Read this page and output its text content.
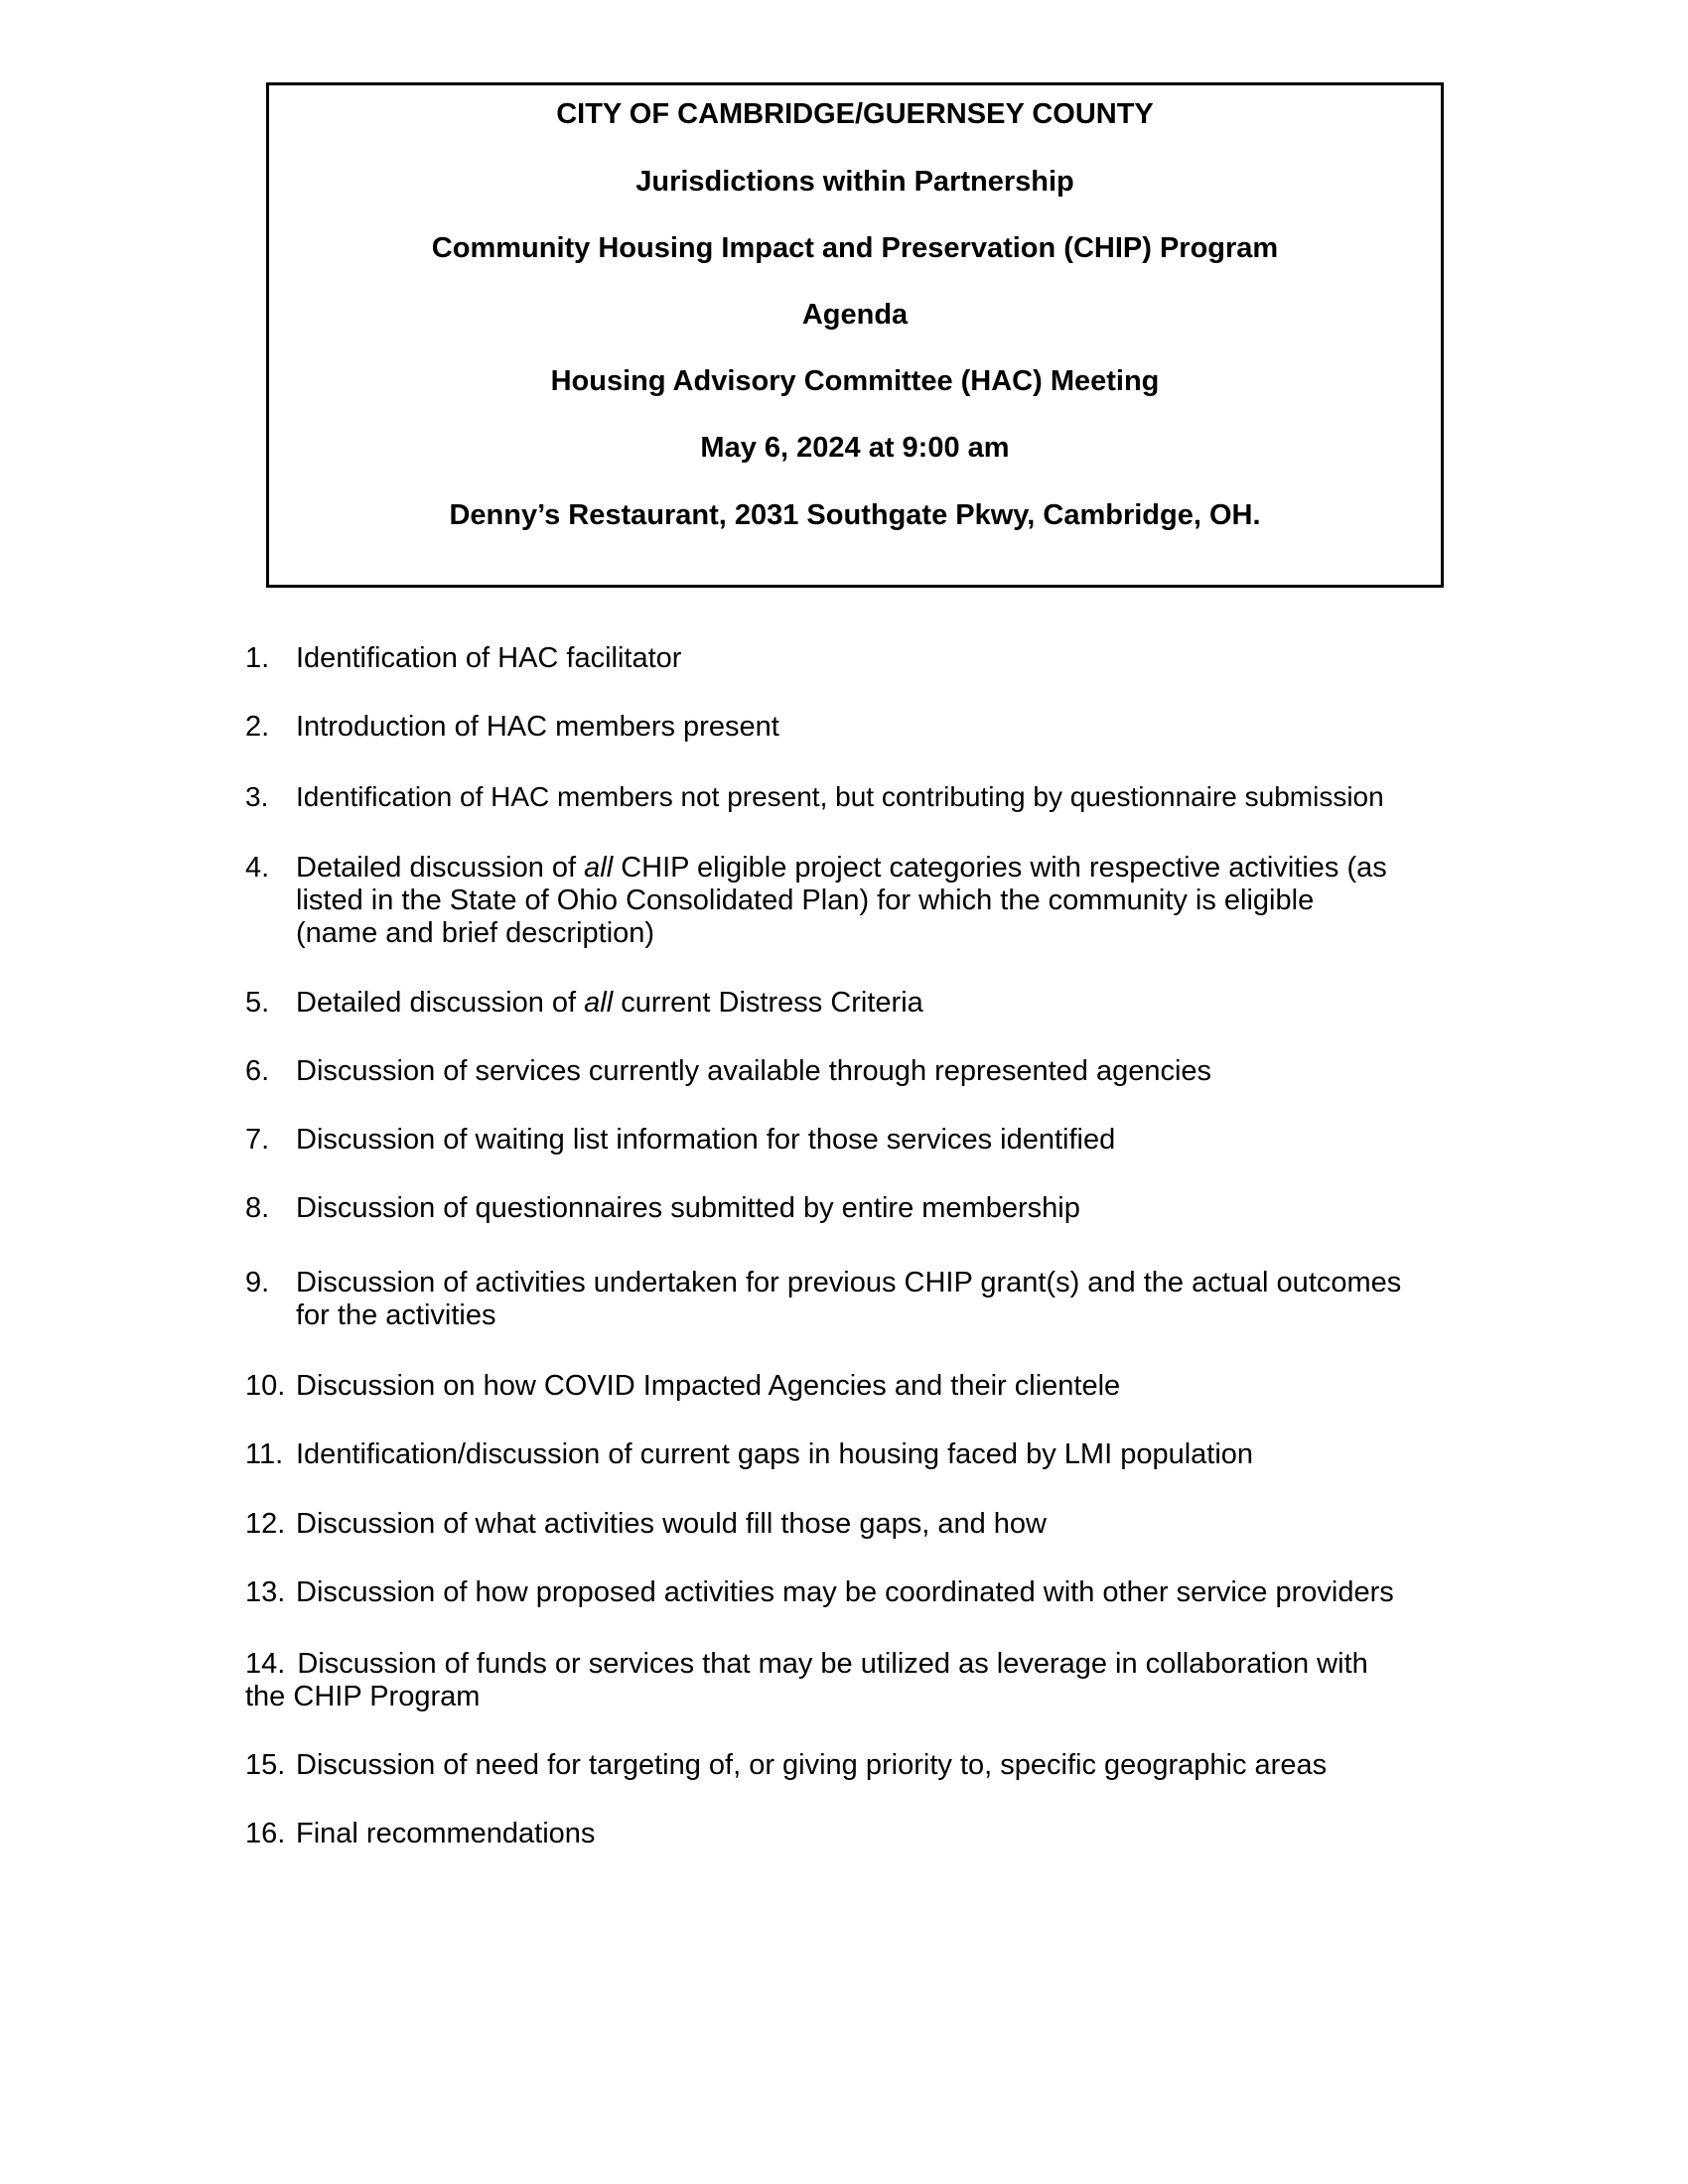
CITY OF CAMBRIDGE/GUERNSEY COUNTY
Jurisdictions within Partnership
Community Housing Impact and Preservation (CHIP) Program
Agenda
Housing Advisory Committee (HAC) Meeting
May 6, 2024 at 9:00 am
Denny’s Restaurant, 2031 Southgate Pkwy, Cambridge, OH.
1. Identification of HAC facilitator
2. Introduction of HAC members present
3. Identification of HAC members not present, but contributing by questionnaire submission
4. Detailed discussion of all CHIP eligible project categories with respective activities (as
listed in the State of Ohio Consolidated Plan) for which the community is eligible
(name and brief description)
5. Detailed discussion of all current Distress Criteria
6. Discussion of services currently available through represented agencies
7. Discussion of waiting list information for those services identified
8. Discussion of questionnaires submitted by entire membership
9. Discussion of activities undertaken for previous CHIP grant(s) and the actual outcomes
for the activities
10. Discussion on how COVID Impacted Agencies and their clientele
11. Identification/discussion of current gaps in housing faced by LMI population
12. Discussion of what activities would fill those gaps, and how
13. Discussion of how proposed activities may be coordinated with other service providers
14. Discussion of funds or services that may be utilized as leverage in collaboration with
the CHIP Program
15. Discussion of need for targeting of, or giving priority to, specific geographic areas
16. Final recommendations
